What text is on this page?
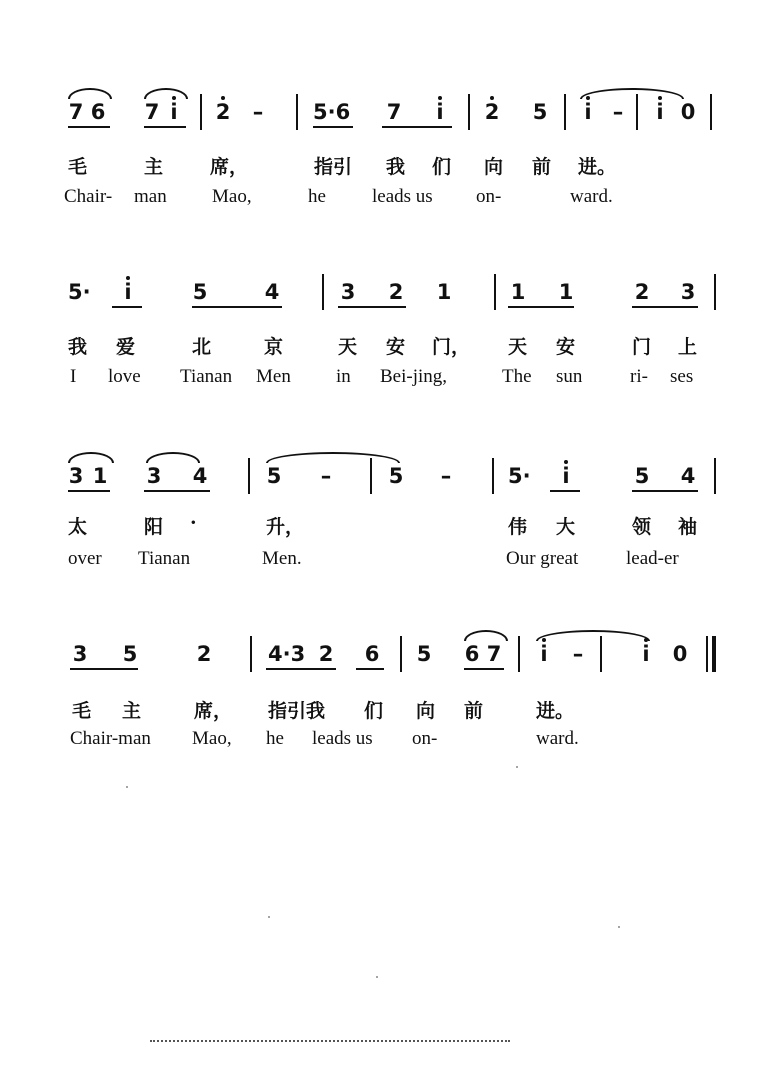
7 6 7 i 2 – 5·6 7 i 2 5 i – i 0
毛	主 席，	指引 我 们 向 前 进。
Chair- man Mao,	he leads us on-	ward.
5· i	5	4	3 2 1	1 1	2 3
我 爱	北	京	天 安 门， 天 安	门 上
I love Tianan Men in Bei-jing,	The sun	ri- ses
3 1 3 4	5 –	5 –	5· i	5 4
太	阳 ·	升，	伟 大	领 袖
over Tianan	Men.	Our great	lead-er
3 5	2	4·3 2 6 5 6 7 i –	i 0
毛 主	席， 指引我 们 向 前	进。
Chair-man Mao, he leads us on-	ward.
